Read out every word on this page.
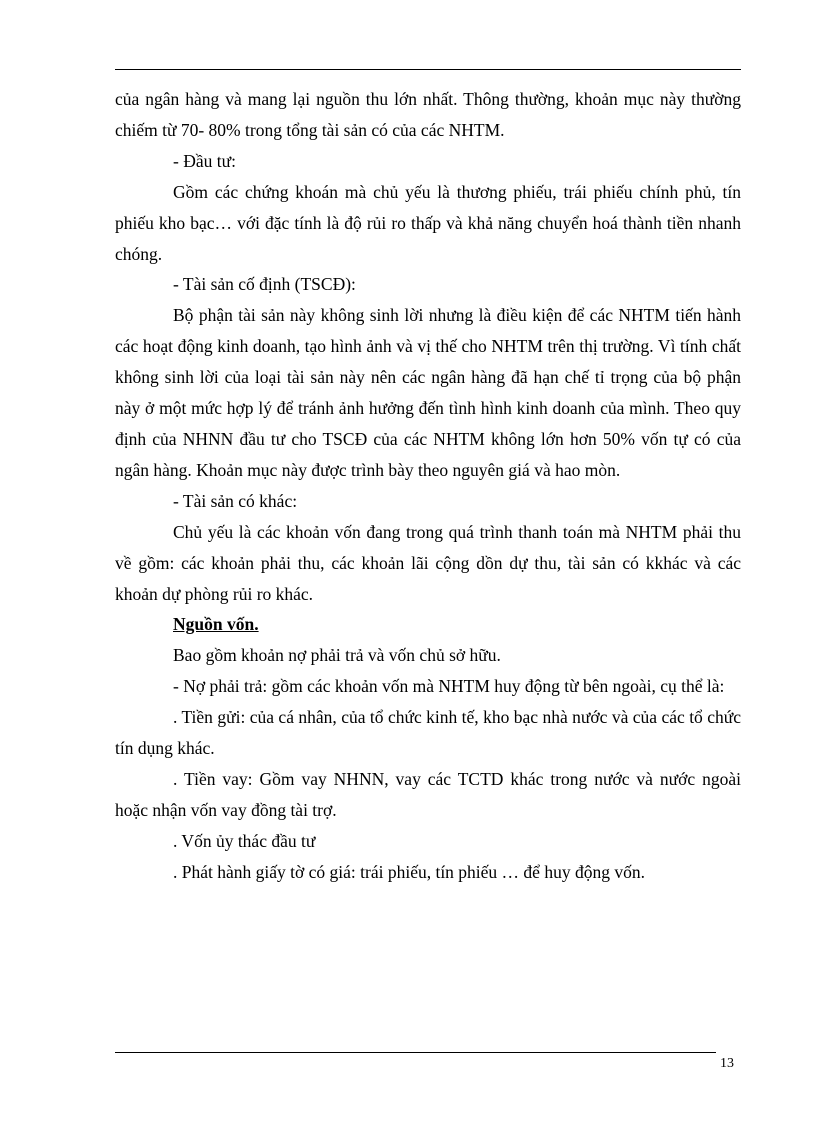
của ngân hàng và mang lại nguồn thu lớn nhất. Thông thường, khoản mục này thường chiếm từ 70- 80% trong tổng tài sản có của các NHTM.

- Đầu tư:

Gồm các chứng khoán mà chủ yếu là thương phiếu, trái phiếu chính phủ, tín phiếu kho bạc… với đặc tính là độ rủi ro thấp và khả năng chuyển hoá thành tiền nhanh chóng.

- Tài sản cố định (TSCĐ):

Bộ phận tài sản này không sinh lời nhưng là điều kiện để các NHTM tiến hành các hoạt động kinh doanh, tạo hình ảnh và vị thế cho NHTM trên thị trường. Vì tính chất không sinh lời của loại tài sản này nên các ngân hàng đã hạn chế tỉ trọng của bộ phận này ở một mức hợp lý để tránh ảnh hưởng đến tình hình kinh doanh của mình. Theo quy định của NHNN đầu tư cho TSCĐ của các NHTM không lớn hơn 50% vốn tự có của ngân hàng. Khoản mục này được trình bày theo nguyên giá và hao mòn.

- Tài sản có khác:

Chủ yếu là các khoản vốn đang trong quá trình thanh toán mà NHTM phải thu về gồm: các khoản phải thu, các khoản lãi cộng dồn dự thu, tài sản có kkhác và các khoản dự phòng rủi ro khác.

Nguồn vốn.

Bao gồm khoản nợ phải trả và vốn chủ sở hữu.

- Nợ phải trả: gồm các khoản vốn mà NHTM huy động từ bên ngoài, cụ thể là:

. Tiền gửi: của cá nhân, của tổ chức kinh tế, kho bạc nhà nước và của các tổ chức tín dụng khác.

. Tiền vay: Gồm vay NHNN, vay các TCTD khác trong nước và nước ngoài hoặc nhận vốn vay đồng tài trợ.

. Vốn ủy thác đầu tư

. Phát hành giấy tờ có giá: trái phiếu, tín phiếu … để huy động vốn.

13
